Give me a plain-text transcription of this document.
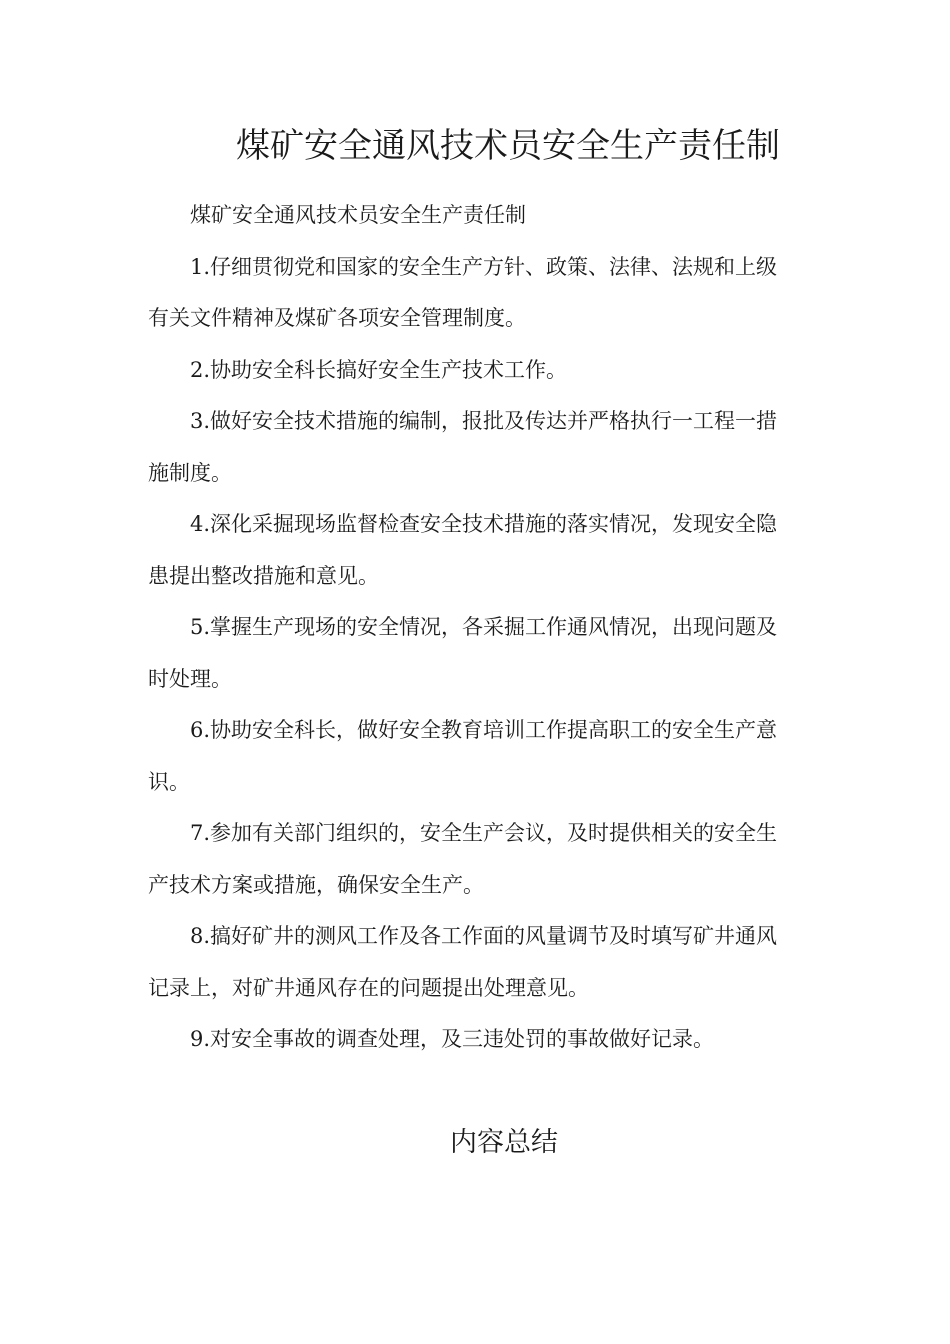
煤矿安全通风技术员安全生产责任制

煤矿安全通风技术员安全生产责任制

1.仔细贯彻党和国家的安全生产方针、政策、法律、法规和上级有关文件精神及煤矿各项安全管理制度。

2.协助安全科长搞好安全生产技术工作。

3.做好安全技术措施的编制，报批及传达并严格执行一工程一措施制度。

4.深化采掘现场监督检查安全技术措施的落实情况，发现安全隐患提出整改措施和意见。

5.掌握生产现场的安全情况，各采掘工作通风情况，出现问题及时处理。

6.协助安全科长，做好安全教育培训工作提高职工的安全生产意识。

7.参加有关部门组织的，安全生产会议，及时提供相关的安全生产技术方案或措施，确保安全生产。

8.搞好矿井的测风工作及各工作面的风量调节及时填写矿井通风记录上，对矿井通风存在的问题提出处理意见。

9.对安全事故的调查处理，及三违处罚的事故做好记录。

内容总结
